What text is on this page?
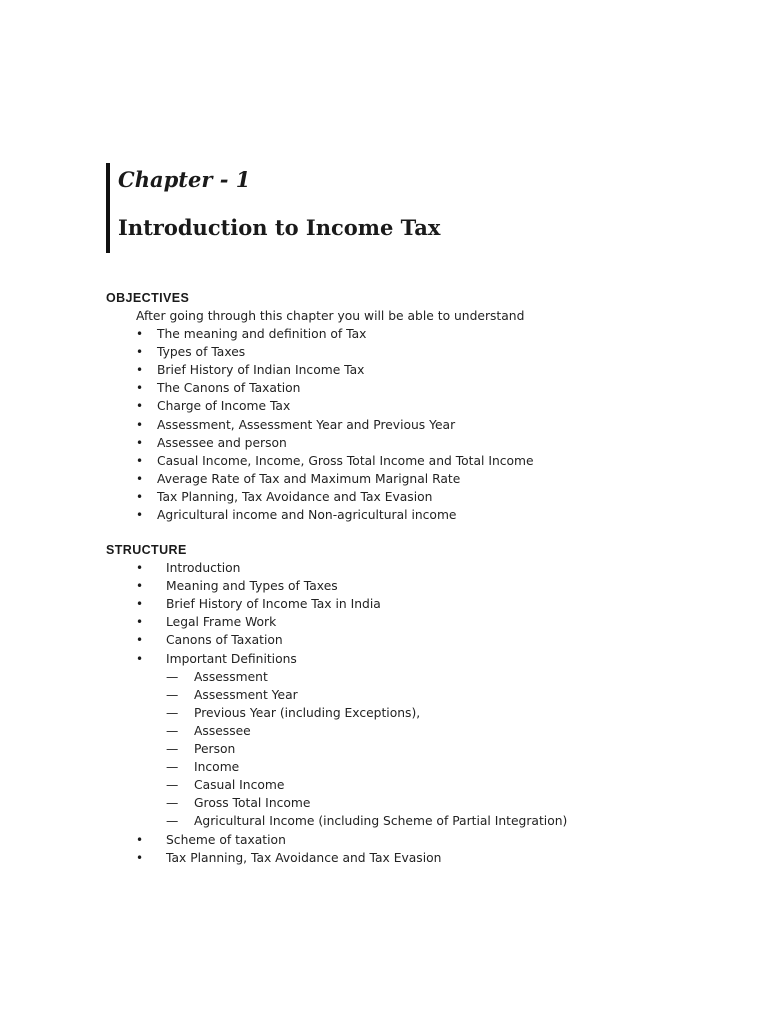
Chapter - 1
Introduction to Income Tax
OBJECTIVES
After going through this chapter you will be able to understand
• The meaning and definition of Tax
• Types of Taxes
• Brief History of Indian Income Tax
• The Canons of Taxation
• Charge of Income Tax
• Assessment, Assessment Year and Previous Year
• Assessee and person
• Casual Income, Income, Gross Total Income and Total Income
• Average Rate of Tax and Maximum Marignal Rate
• Tax Planning, Tax Avoidance and Tax Evasion
• Agricultural income and Non-agricultural income
STRUCTURE
• Introduction
• Meaning and Types of Taxes
• Brief History of Income Tax in India
• Legal Frame Work
• Canons of Taxation
• Important Definitions
— Assessment
— Assessment Year
— Previous Year (including Exceptions),
— Assessee
— Person
— Income
— Casual Income
— Gross Total Income
— Agricultural Income (including Scheme of Partial Integration)
• Scheme of taxation
• Tax Planning, Tax Avoidance and Tax Evasion
